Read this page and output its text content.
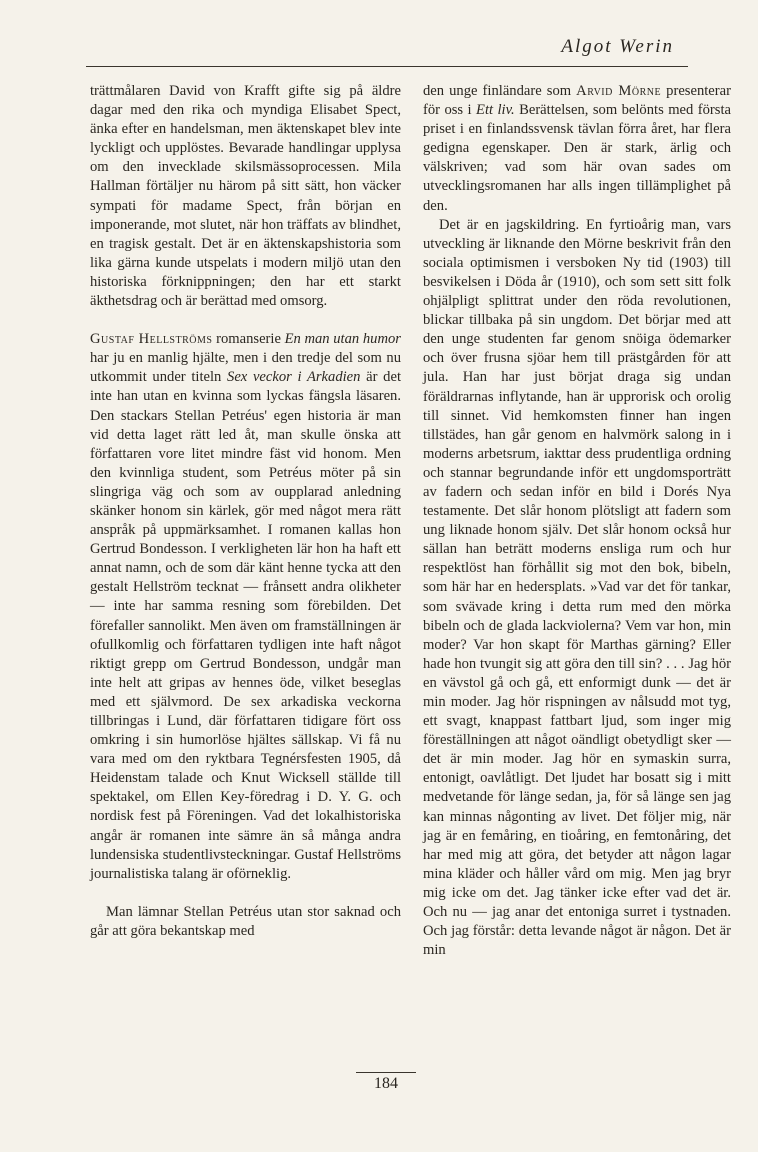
Algot Werin

trättmålaren David von Krafft gifte sig på äldre dagar med den rika och myndiga Elisabet Spect, änka efter en handelsman, men äktenskapet blev inte lyckligt och upplöstes. Bevarade handlingar upplysa om den invecklade skilsmässoprocessen. Mila Hallman förtäljer nu härom på sitt sätt, hon väcker sympati för madame Spect, från början en imponerande, mot slutet, när hon träffats av blindhet, en tragisk gestalt. Det är en äktenskapshistoria som lika gärna kunde utspelats i modern miljö utan den historiska förknippningen; den har ett starkt äkthetsdrag och är berättad med omsorg.

Gustaf Hellströms romanserie En man utan humor har ju en manlig hjälte, men i den tredje del som nu utkommit under titeln Sex veckor i Arkadien är det inte han utan en kvinna som lyckas fängsla läsaren. Den stackars Stellan Petréus' egen historia är man vid detta laget rätt led åt, man skulle önska att författaren vore litet mindre fäst vid honom. Men den kvinnliga student, som Petréus möter på sin slingriga väg och som av oupplarad anledning skänker honom sin kärlek, gör med något mera rätt anspråk på uppmärksamhet. I romanen kallas hon Gertrud Bondesson. I verkligheten lär hon ha haft ett annat namn, och de som där känt henne tycka att den gestalt Hellström tecknat — frånsett andra olikheter — inte har samma resning som förebilden. Det förefaller sannolikt. Men även om framställningen är ofullkomlig och författaren tydligen inte haft något riktigt grepp om Gertrud Bondesson, undgår man inte helt att gripas av hennes öde, vilket beseglas med ett självmord. De sex arkadiska veckorna tillbringas i Lund, där författaren tidigare fört oss omkring i sin humorlöse hjältes sällskap. Vi få nu vara med om den ryktbara Tegnérsfesten 1905, då Heidenstam talade och Knut Wicksell ställde till spektakel, om Ellen Key-föredrag i D. Y. G. och nordisk fest på Föreningen. Vad det lokalhistoriska angår är romanen inte sämre än så många andra lundensiska studentlivsteckningar. Gustaf Hellströms journalistiska talang är oförneklig.

Man lämnar Stellan Petréus utan stor saknad och går att göra bekantskap med

den unge finländare som Arvid Mörne presenterar för oss i Ett liv. Berättelsen, som belönts med första priset i en finlandssvensk tävlan förra året, har flera gedigna egenskaper. Den är stark, ärlig och välskriven; vad som här ovan sades om utvecklingsromanen har alls ingen tillämplighet på den.

Det är en jagskildring. En fyrtioårig man, vars utveckling är liknande den Mörne beskrivit från den sociala optimismen i versboken Ny tid (1903) till besvikelsen i Döda år (1910), och som sett sitt folk ohjälpligt splittrat under den röda revolutionen, blickar tillbaka på sin ungdom. Det börjar med att den unge studenten far genom snöiga ödemarker och över frusna sjöar hem till prästgården för att jula. Han har just börjat draga sig undan föräldrarnas inflytande, han är upprorisk och orolig till sinnet. Vid hemkomsten finner han ingen tillstädes, han går genom en halvmörk salong in i moderns arbetsrum, iakttar dess prudentliga ordning och stannar begrundande inför ett ungdomsporträtt av fadern och sedan inför en bild i Dorés Nya testamente. Det slår honom plötsligt att fadern som ung liknade honom själv. Det slår honom också hur sällan han beträtt moderns ensliga rum och hur respektlöst han förhållit sig mot den bok, bibeln, som här har en hedersplats. »Vad var det för tankar, som svävade kring i detta rum med den mörka bibeln och de glada lackviolerna? Vem var hon, min moder? Var hon skapt för Marthas gärning? Eller hade hon tvungit sig att göra den till sin? . . . Jag hör en vävstol gå och gå, ett enformigt dunk — det är min moder. Jag hör rispningen av nålsudd mot tyg, ett svagt, knappast fattbart ljud, som inger mig föreställningen att något oändligt obetydligt sker — det är min moder. Jag hör en symaskin surra, entonigt, oavlåtligt. Det ljudet har bosatt sig i mitt medvetande för länge sedan, ja, för så länge sen jag kan minnas någonting av livet. Det följer mig, när jag är en femåring, en tioåring, en femtonåring, det har med mig att göra, det betyder att någon lagar mina kläder och håller vård om mig. Men jag bryr mig icke om det. Jag tänker icke efter vad det är. Och nu — jag anar det entoniga surret i tystnaden. Och jag förstår: detta levande något är någon. Det är min

184
